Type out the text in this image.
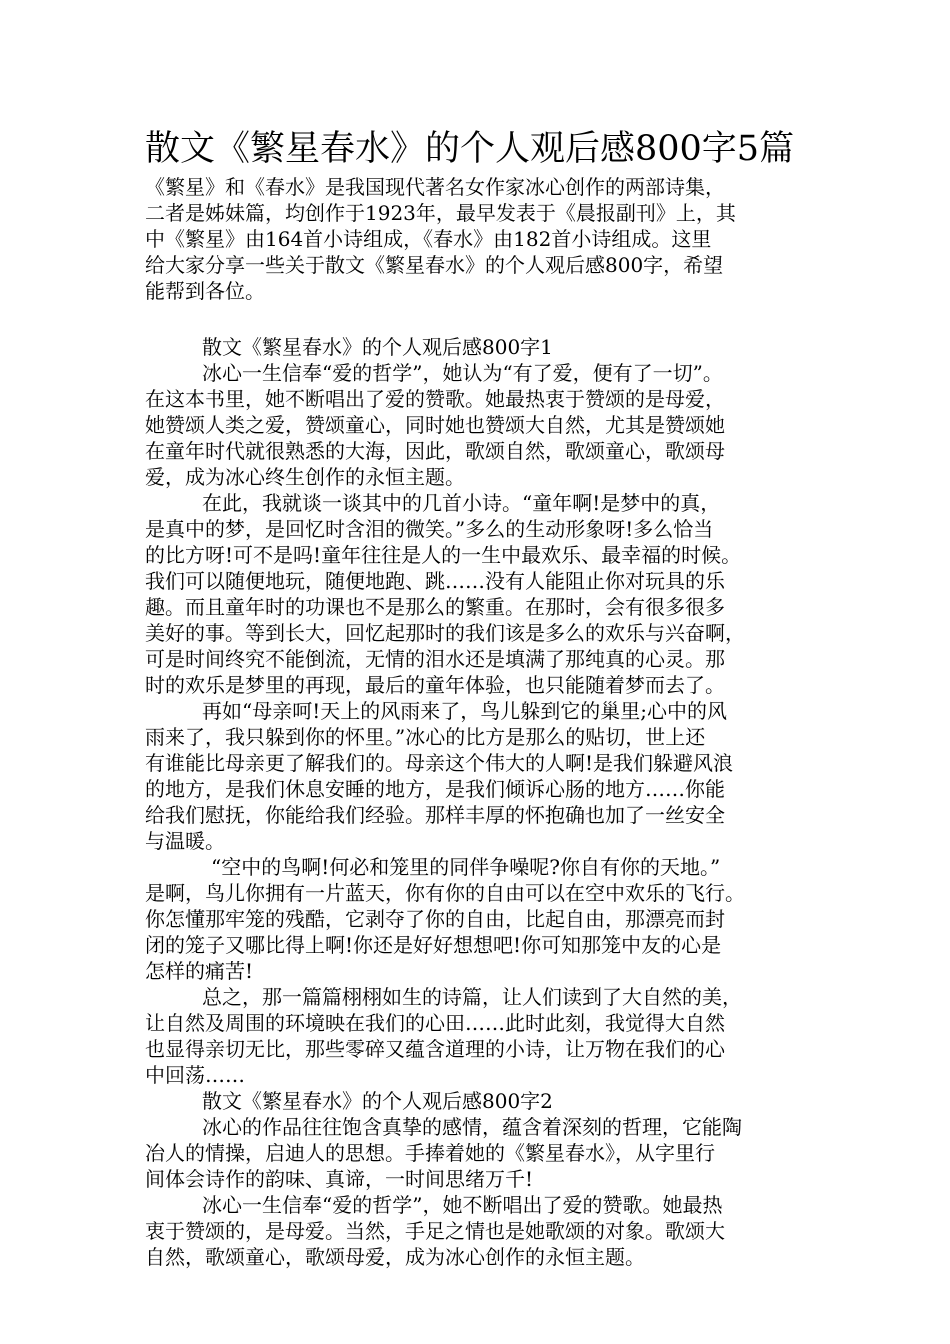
散文《繁星春水》的个人观后感800字5篇
《繁星》和《春水》是我国现代著名女作家冰心创作的两部诗集，
二者是姊妹篇，均创作于1923年，最早发表于《晨报副刊》上，其
中《繁星》由164首小诗组成，《春水》由182首小诗组成。这里
给大家分享一些关于散文《繁星春水》的个人观后感800字，希望
能帮到各位。
散文《繁星春水》的个人观后感800字1
冰心一生信奉“爱的哲学”，她认为“有了爱，便有了一切”。
在这本书里，她不断唱出了爱的赞歌。她最热衷于赞颂的是母爱，
她赞颂人类之爱，赞颂童心，同时她也赞颂大自然，尤其是赞颂她
在童年时代就很熟悉的大海，因此，歌颂自然，歌颂童心，歌颂母
爱，成为冰心终生创作的永恒主题。
在此，我就谈一谈其中的几首小诗。“童年啊!是梦中的真，
是真中的梦，是回忆时含泪的微笑。”多么的生动形象呀!多么恰当
的比方呀!可不是吗!童年往往是人的一生中最欢乐、最幸福的时候。
我们可以随便地玩，随便地跑、跳……没有人能阻止你对玩具的乐
趣。而且童年时的功课也不是那么的繁重。在那时，会有很多很多
美好的事。等到长大，回忆起那时的我们该是多么的欢乐与兴奋啊，
可是时间终究不能倒流，无情的泪水还是填满了那纯真的心灵。那
时的欢乐是梦里的再现，最后的童年体验，也只能随着梦而去了。
再如“母亲呵!天上的风雨来了，鸟儿躲到它的巢里;心中的风
雨来了，我只躲到你的怀里。”冰心的比方是那么的贴切，世上还
有谁能比母亲更了解我们的。母亲这个伟大的人啊!是我们躲避风浪
的地方，是我们休息安睡的地方，是我们倾诉心肠的地方……你能
给我们慰抚，你能给我们经验。那样丰厚的怀抱确也加了一丝安全
与温暖。
“空中的鸟啊!何必和笼里的同伴争噪呢?你自有你的天地。”
是啊，鸟儿你拥有一片蓝天，你有你的自由可以在空中欢乐的飞行。
你怎懂那牢笼的残酷，它剥夺了你的自由，比起自由，那漂亮而封
闭的笼子又哪比得上啊!你还是好好想想吧!你可知那笼中友的心是
怎样的痛苦!
总之，那一篇篇栩栩如生的诗篇，让人们读到了大自然的美，
让自然及周围的环境映在我们的心田……此时此刻，我觉得大自然
也显得亲切无比，那些零碎又蕴含道理的小诗，让万物在我们的心
中回荡……
散文《繁星春水》的个人观后感800字2
冰心的作品往往饱含真挚的感情，蕴含着深刻的哲理，它能陶
冶人的情操，启迪人的思想。手捧着她的《繁星春水》，从字里行
间体会诗作的韵味、真谛，一时间思绪万千!
冰心一生信奉“爱的哲学”，她不断唱出了爱的赞歌。她最热
衷于赞颂的，是母爱。当然，手足之情也是她歌颂的对象。歌颂大
自然，歌颂童心，歌颂母爱，成为冰心创作的永恒主题。
